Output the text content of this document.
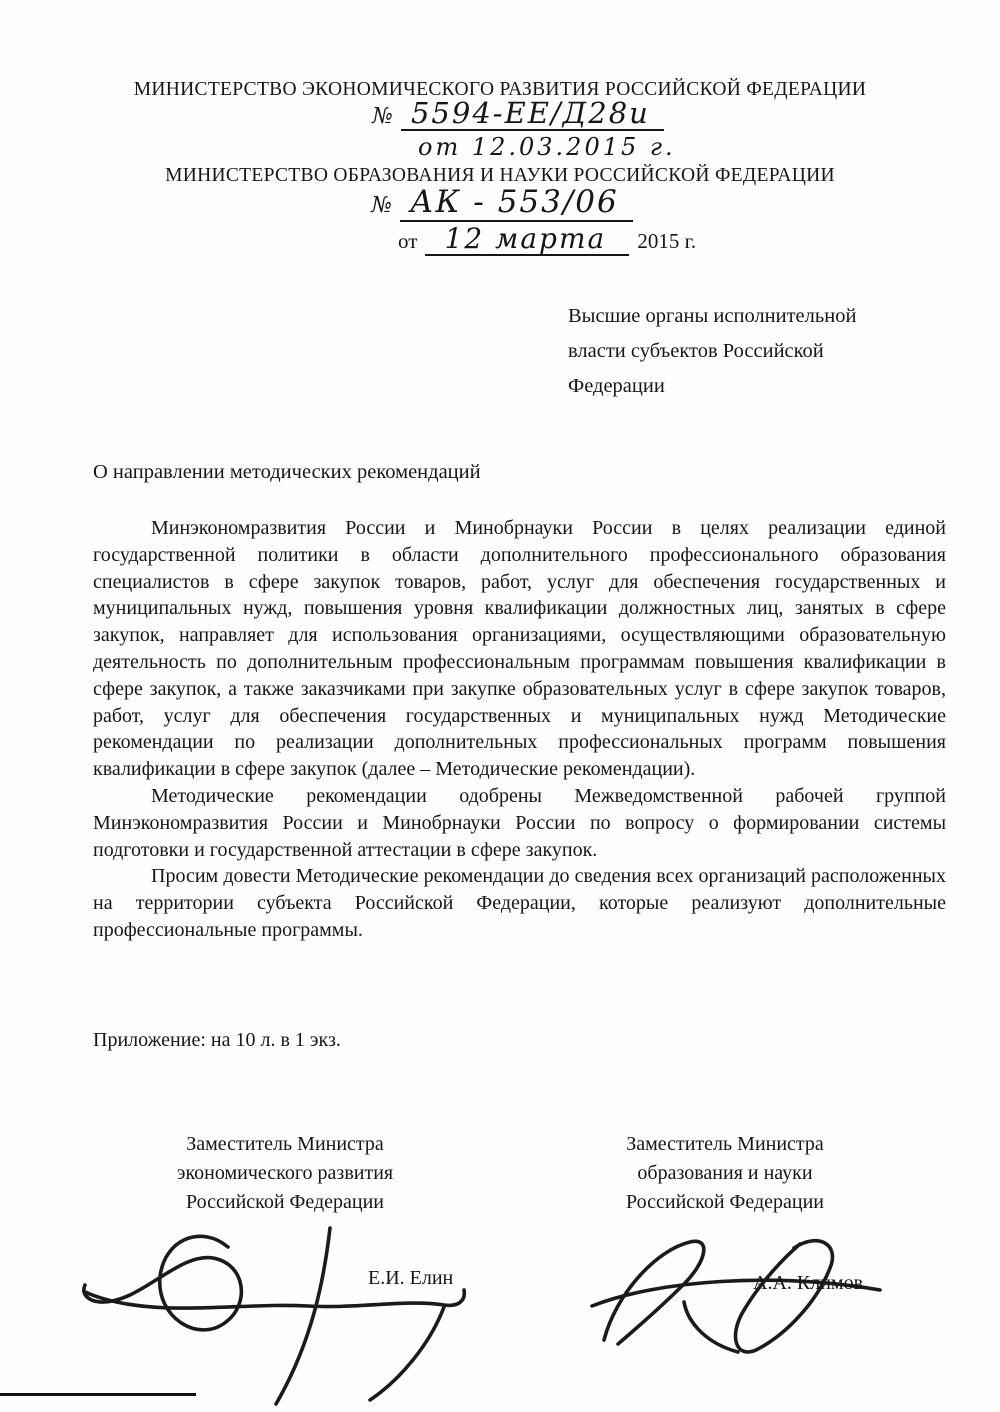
МИНИСТЕРСТВО ЭКОНОМИЧЕСКОГО РАЗВИТИЯ РОССИЙСКОЙ ФЕДЕРАЦИИ
№ 5594-ЕЕ/Д28и
от 12.03.2015 г.
МИНИСТЕРСТВО ОБРАЗОВАНИЯ И НАУКИ РОССИЙСКОЙ ФЕДЕРАЦИИ
№ АК - 553/06
от 12 марта	2015 г.
Высшие органы исполнительной
власти субъектов Российской
Федерации
О направлении методических рекомендаций

Минэкономразвития России и Минобрнауки России в целях реализации единой государственной политики в области дополнительного профессионального образования специалистов в сфере закупок товаров, работ, услуг для обеспечения государственных и муниципальных нужд, повышения уровня квалификации должностных лиц, занятых в сфере закупок, направляет для использования организациями, осуществляющими образовательную деятельность по дополнительным профессиональным программам повышения квалификации в сфере закупок, а также заказчиками при закупке образовательных услуг в сфере закупок товаров, работ, услуг для обеспечения государственных и муниципальных нужд Методические рекомендации по реализации дополнительных профессиональных программ повышения квалификации в сфере закупок (далее – Методические рекомендации).

Методические рекомендации одобрены Межведомственной рабочей группой Минэкономразвития России и Минобрнауки России по вопросу о формировании системы подготовки и государственной аттестации в сфере закупок.

Просим довести Методические рекомендации до сведения всех организаций расположенных на территории субъекта Российской Федерации, которые реализуют дополнительные профессиональные программы.

Приложение: на 10 л. в 1 экз.
Заместитель Министра
экономического развития
Российской Федерации
Заместитель Министра
образования и науки
Российской Федерации
Е.И. Елин	А.А. Климов
